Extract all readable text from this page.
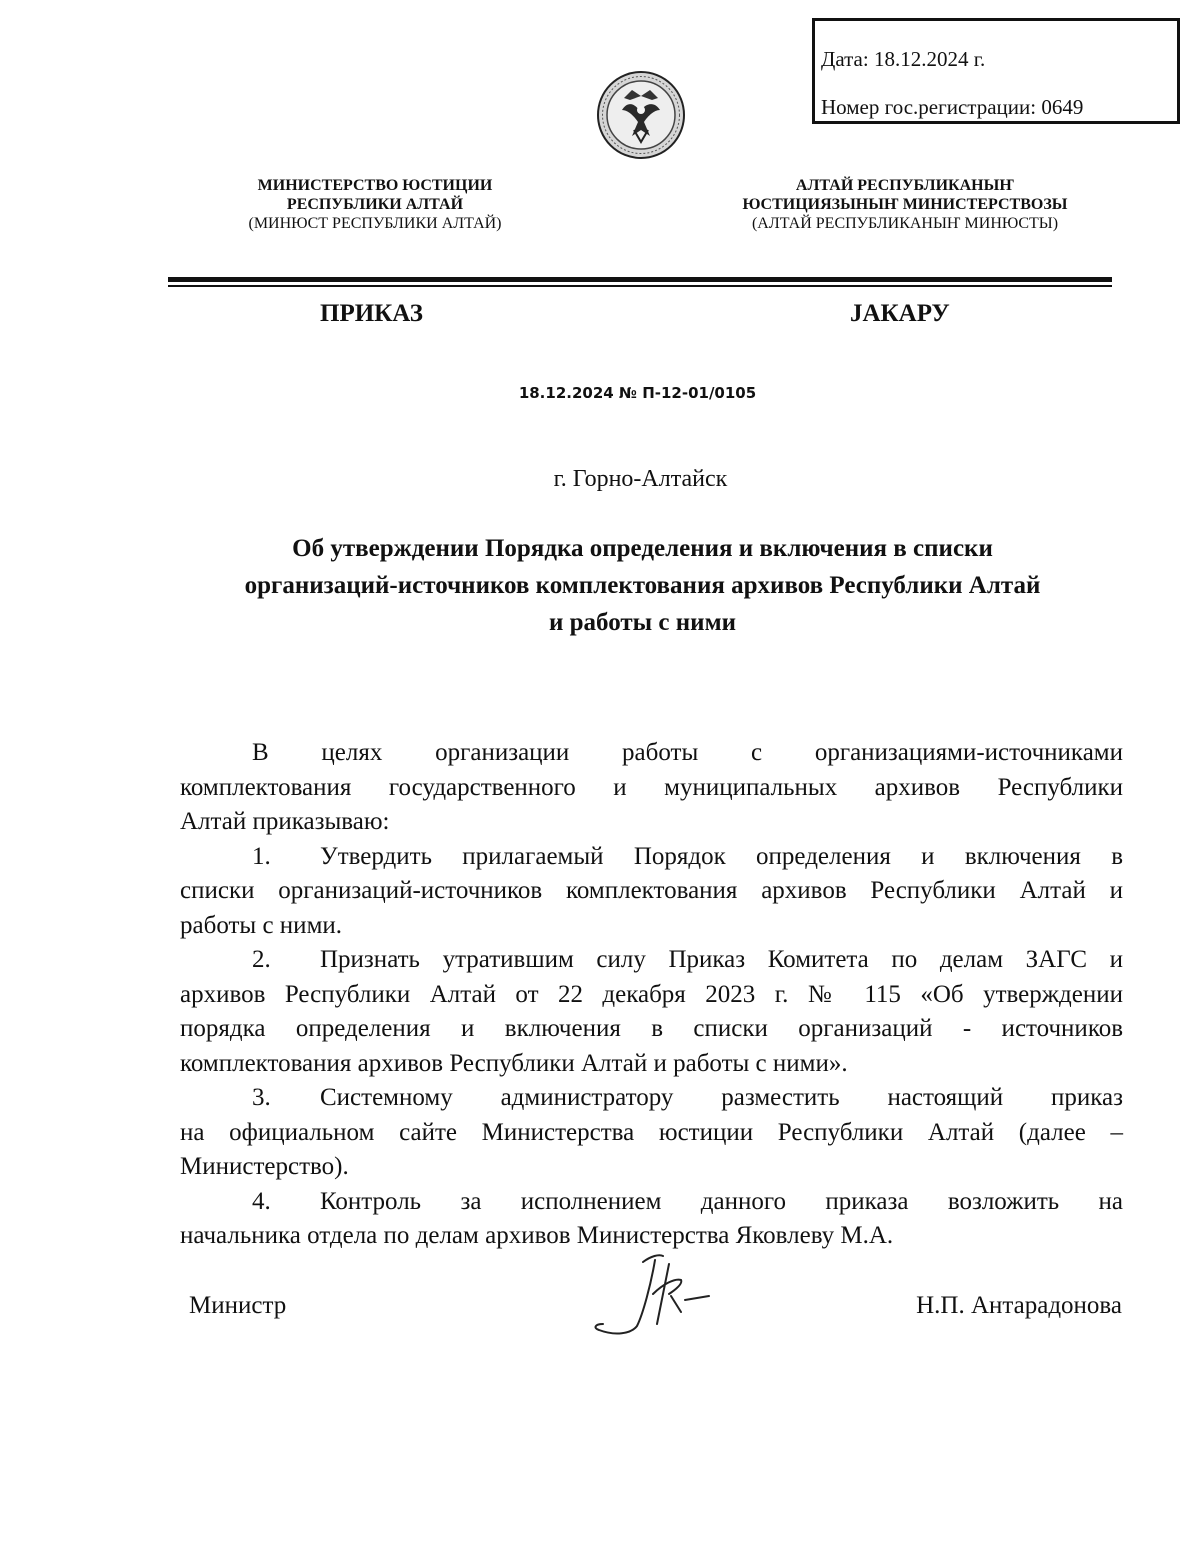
Дата: 18.12.2024 г.
Номер гос.регистрации: 0649
МИНИСТЕРСТВО ЮСТИЦИИ
РЕСПУБЛИКИ АЛТАЙ
(МИНЮСТ РЕСПУБЛИКИ АЛТАЙ)
АЛТАЙ РЕСПУБЛИКАНЫҤ
ЮСТИЦИЯЗЫНЫҤ МИНИСТЕРСТВОЗЫ
(АЛТАЙ РЕСПУБЛИКАНЫҤ МИНЮСТЫ)
ПРИКАЗ	ЈАКАРУ
18.12.2024 № П-12-01/0105
г. Горно-Алтайск
Об утверждении Порядка определения и включения в списки
организаций-источников комплектования архивов Республики Алтай
и работы с ними

В целях организации работы с организациями-источниками

комплектования государственного и муниципальных архивов Республики

Алтай приказываю:

1. Утвердить прилагаемый Порядок определения и включения в

списки организаций-источников комплектования архивов Республики Алтай и

работы с ними.

2. Признать утратившим силу Приказ Комитета по делам ЗАГС и

архивов Республики Алтай от 22 декабря 2023 г. № 115 «Об утверждении

порядка определения и включения в списки организаций - источников

комплектования архивов Республики Алтай и работы с ними».

3. Системному администратору разместить настоящий приказ

на официальном сайте Министерства юстиции Республики Алтай (далее –

Министерство).

4. Контроль за исполнением данного приказа возложить на

начальника отдела по делам архивов Министерства Яковлеву М.А.

Министр	Н.П. Антарадонова
